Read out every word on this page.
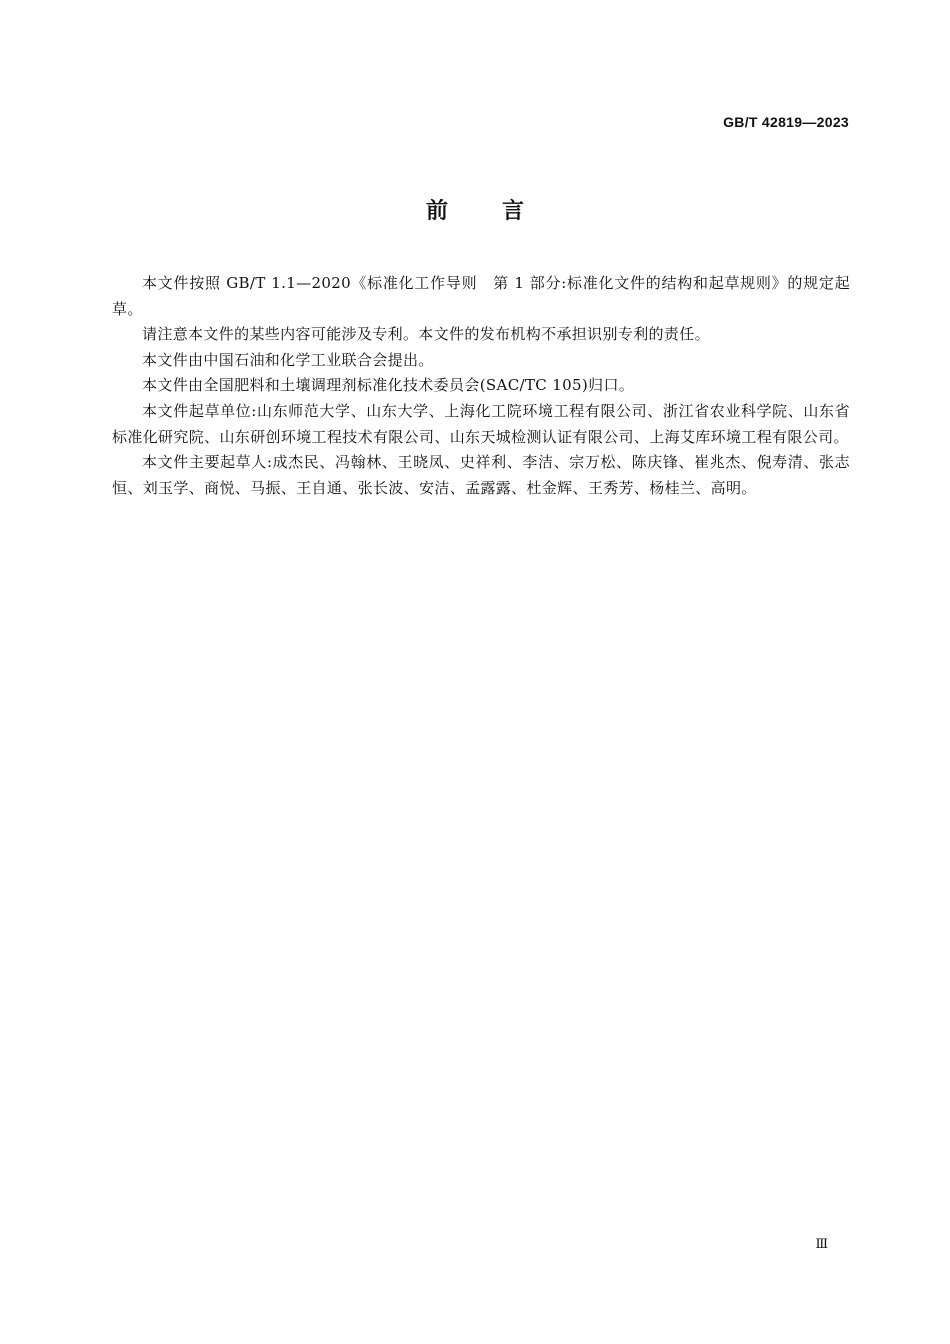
GB/T 42819—2023
前言

本文件按照 GB/T 1.1—2020《标准化工作导则　第 1 部分:标准化文件的结构和起草规则》的规定起草。

请注意本文件的某些内容可能涉及专利。本文件的发布机构不承担识别专利的责任。

本文件由中国石油和化学工业联合会提出。

本文件由全国肥料和土壤调理剂标准化技术委员会(SAC/TC 105)归口。

本文件起草单位:山东师范大学、山东大学、上海化工院环境工程有限公司、浙江省农业科学院、山东省标准化研究院、山东研创环境工程技术有限公司、山东天城检测认证有限公司、上海艾库环境工程有限公司。

本文件主要起草人:成杰民、冯翰林、王晓凤、史祥利、李洁、宗万松、陈庆锋、崔兆杰、倪寿清、张志恒、刘玉学、商悦、马振、王自通、张长波、安洁、孟露露、杜金辉、王秀芳、杨桂兰、高明。

Ⅲ
